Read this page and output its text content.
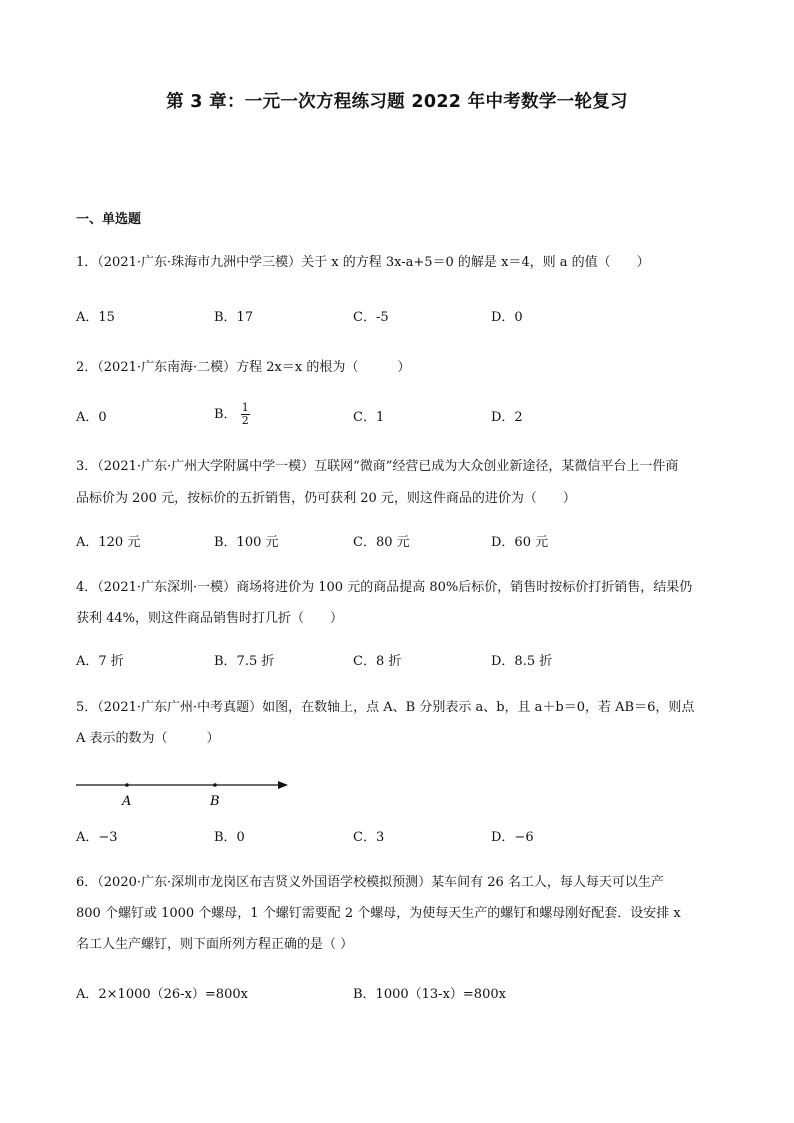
第 3 章：一元一次方程练习题 2022 年中考数学一轮复习
一、单选题
1．（2021·广东·珠海市九洲中学三模）关于 x 的方程 3x-a+5＝0 的解是 x＝4，则 a 的值（　　）
A．15	B．17	C．-5	D．0
2．（2021·广东南海·二模）方程 2x＝x 的根为（　　　）
A．0	B． $\frac{1}{2}$	C．1	D．2
3．（2021·广东·广州大学附属中学一模）互联网“微商”经营已成为大众创业新途径，某微信平台上一件商
品标价为 200 元，按标价的五折销售，仍可获利 20 元，则这件商品的进价为（　　）
A．120 元	B．100 元	C．80 元	D．60 元
4．（2021·广东深圳·一模）商场将进价为 100 元的商品提高 80%后标价，销售时按标价打折销售，结果仍
获利 44%，则这件商品销售时打几折（　　）
A．7 折	B．7.5 折	C．8 折	D．8.5 折
5．（2021·广东广州·中考真题）如图，在数轴上，点 A、B 分别表示 a、b，且 a＋b＝0，若 AB＝6，则点
A 表示的数为（　　　）
A	B
A．−3	B．0	C．3	D．−6
6．（2020·广东·深圳市龙岗区布吉贤义外国语学校模拟预测）某车间有 26 名工人，每人每天可以生产
800 个螺钉或 1000 个螺母，1 个螺钉需要配 2 个螺母，为使每天生产的螺钉和螺母刚好配套．设安排 x
名工人生产螺钉，则下面所列方程正确的是（ ）
A．2×1000（26-x）=800x	B．1000（13-x）=800x
